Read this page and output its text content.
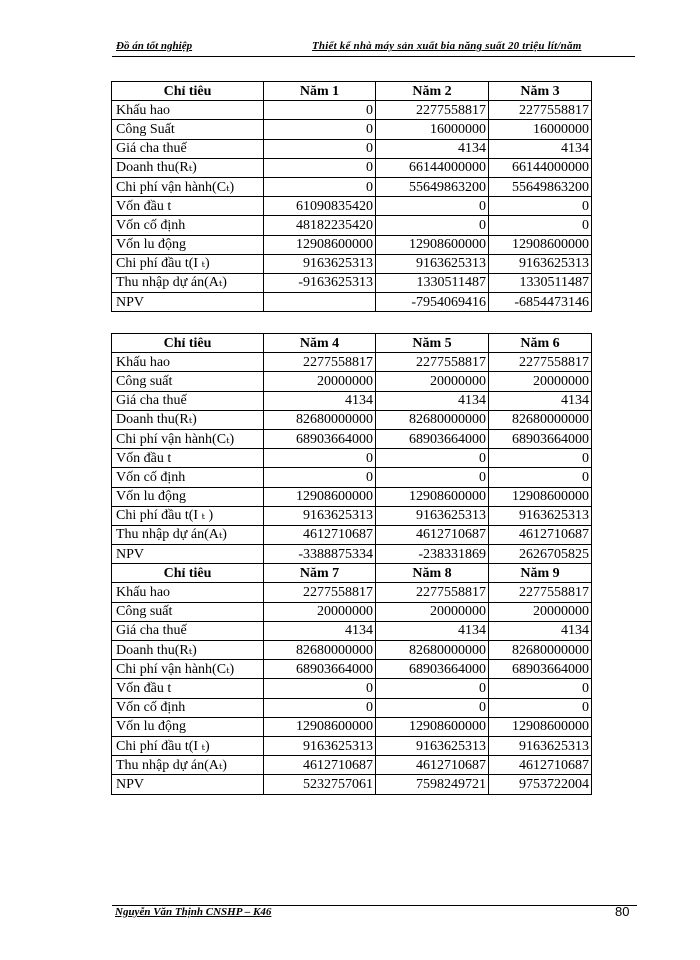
Đồ án tốt nghiệp	Thiết kế nhà máy sản xuất bia năng suất 20 triệu lít/năm
Chỉ tiêu	Năm 1	Năm 2	Năm 3
Khấu hao	0	2277558817	2277558817
Công Suất	0	16000000	16000000
Giá cha thuế	0	4134	4134
Doanh thu(Rₜ)	0	66144000000	66144000000
Chi phí vận hành(Cₜ)	0	55649863200	55649863200
Vốn đầu t	61090835420	0	0
Vốn cố định	48182235420	0	0
Vốn lu động	12908600000	12908600000	12908600000
Chi phí đầu t(I ₜ)	9163625313	9163625313	9163625313
Thu nhập dự án(Aₜ)	-9163625313	1330511487	1330511487
NPV		-7954069416	-6854473146
Chỉ tiêu	Năm 4	Năm 5	Năm 6
Khấu hao	2277558817	2277558817	2277558817
Công suất	20000000	20000000	20000000
Giá cha thuế	4134	4134	4134
Doanh thu(Rₜ)	82680000000	82680000000	82680000000
Chi phí vận hành(Cₜ)	68903664000	68903664000	68903664000
Vốn đầu t	0	0	0
Vốn cố định	0	0	0
Vốn lu động	12908600000	12908600000	12908600000
Chi phí đầu t(I ₜ )	9163625313	9163625313	9163625313
Thu nhập dự án(Aₜ)	4612710687	4612710687	4612710687
NPV	-3388875334	-238331869	2626705825
Chỉ tiêu	Năm 7	Năm 8	Năm 9
Khấu hao	2277558817	2277558817	2277558817
Công suất	20000000	20000000	20000000
Giá cha thuế	4134	4134	4134
Doanh thu(Rₜ)	82680000000	82680000000	82680000000
Chi phí vận hành(Cₜ)	68903664000	68903664000	68903664000
Vốn đầu t	0	0	0
Vốn cố định	0	0	0
Vốn lu động	12908600000	12908600000	12908600000
Chi phí đầu t(I ₜ)	9163625313	9163625313	9163625313
Thu nhập dự án(Aₜ)	4612710687	4612710687	4612710687
NPV	5232757061	7598249721	9753722004
Nguyễn Văn Thịnh CNSHP – K46	80
